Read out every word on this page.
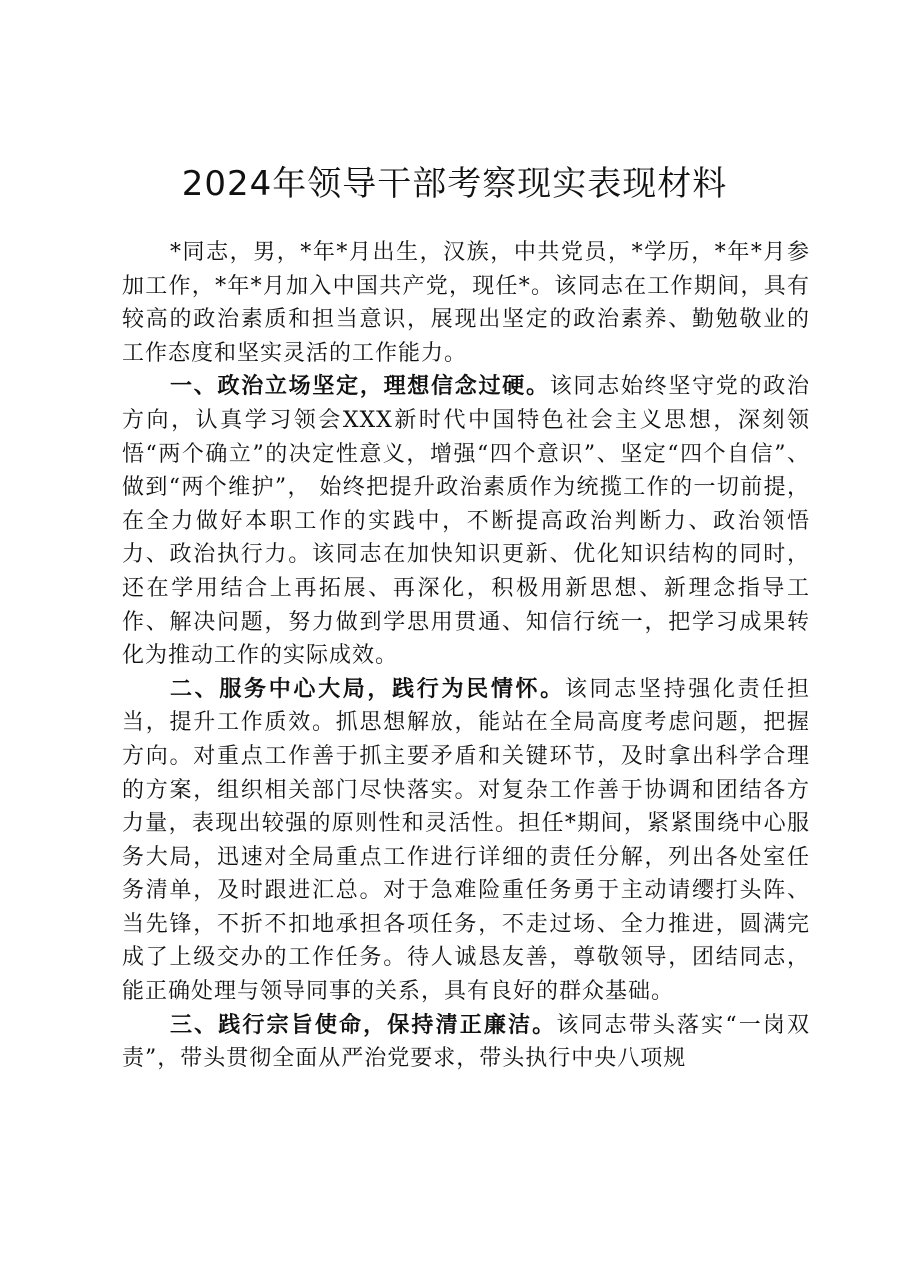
2024年领导干部考察现实表现材料

*同志，男，*年*月出生，汉族，中共党员，*学历，*年*月参加工作，*年*月加入中国共产党，现任*。该同志在工作期间，具有较高的政治素质和担当意识，展现出坚定的政治素养、勤勉敬业的工作态度和坚实灵活的工作能力。

一、政治立场坚定，理想信念过硬。该同志始终坚守党的政治方向，认真学习领会XXX新时代中国特色社会主义思想，深刻领悟“两个确立”的决定性意义，增强“四个意识”、坚定“四个自信”、做到“两个维护”， 始终把提升政治素质作为统揽工作的一切前提，在全力做好本职工作的实践中，不断提高政治判断力、政治领悟力、政治执行力。该同志在加快知识更新、优化知识结构的同时，还在学用结合上再拓展、再深化，积极用新思想、新理念指导工作、解决问题，努力做到学思用贯通、知信行统一，把学习成果转化为推动工作的实际成效。

二、服务中心大局，践行为民情怀。该同志坚持强化责任担当，提升工作质效。抓思想解放，能站在全局高度考虑问题，把握方向。对重点工作善于抓主要矛盾和关键环节，及时拿出科学合理的方案，组织相关部门尽快落实。对复杂工作善于协调和团结各方力量，表现出较强的原则性和灵活性。担任*期间，紧紧围绕中心服务大局，迅速对全局重点工作进行详细的责任分解，列出各处室任务清单，及时跟进汇总。对于急难险重任务勇于主动请缨打头阵、当先锋，不折不扣地承担各项任务，不走过场、全力推进，圆满完成了上级交办的工作任务。待人诚恳友善，尊敬领导，团结同志，能正确处理与领导同事的关系，具有良好的群众基础。

三、践行宗旨使命，保持清正廉洁。该同志带头落实“一岗双责”，带头贯彻全面从严治党要求，带头执行中央八项规
